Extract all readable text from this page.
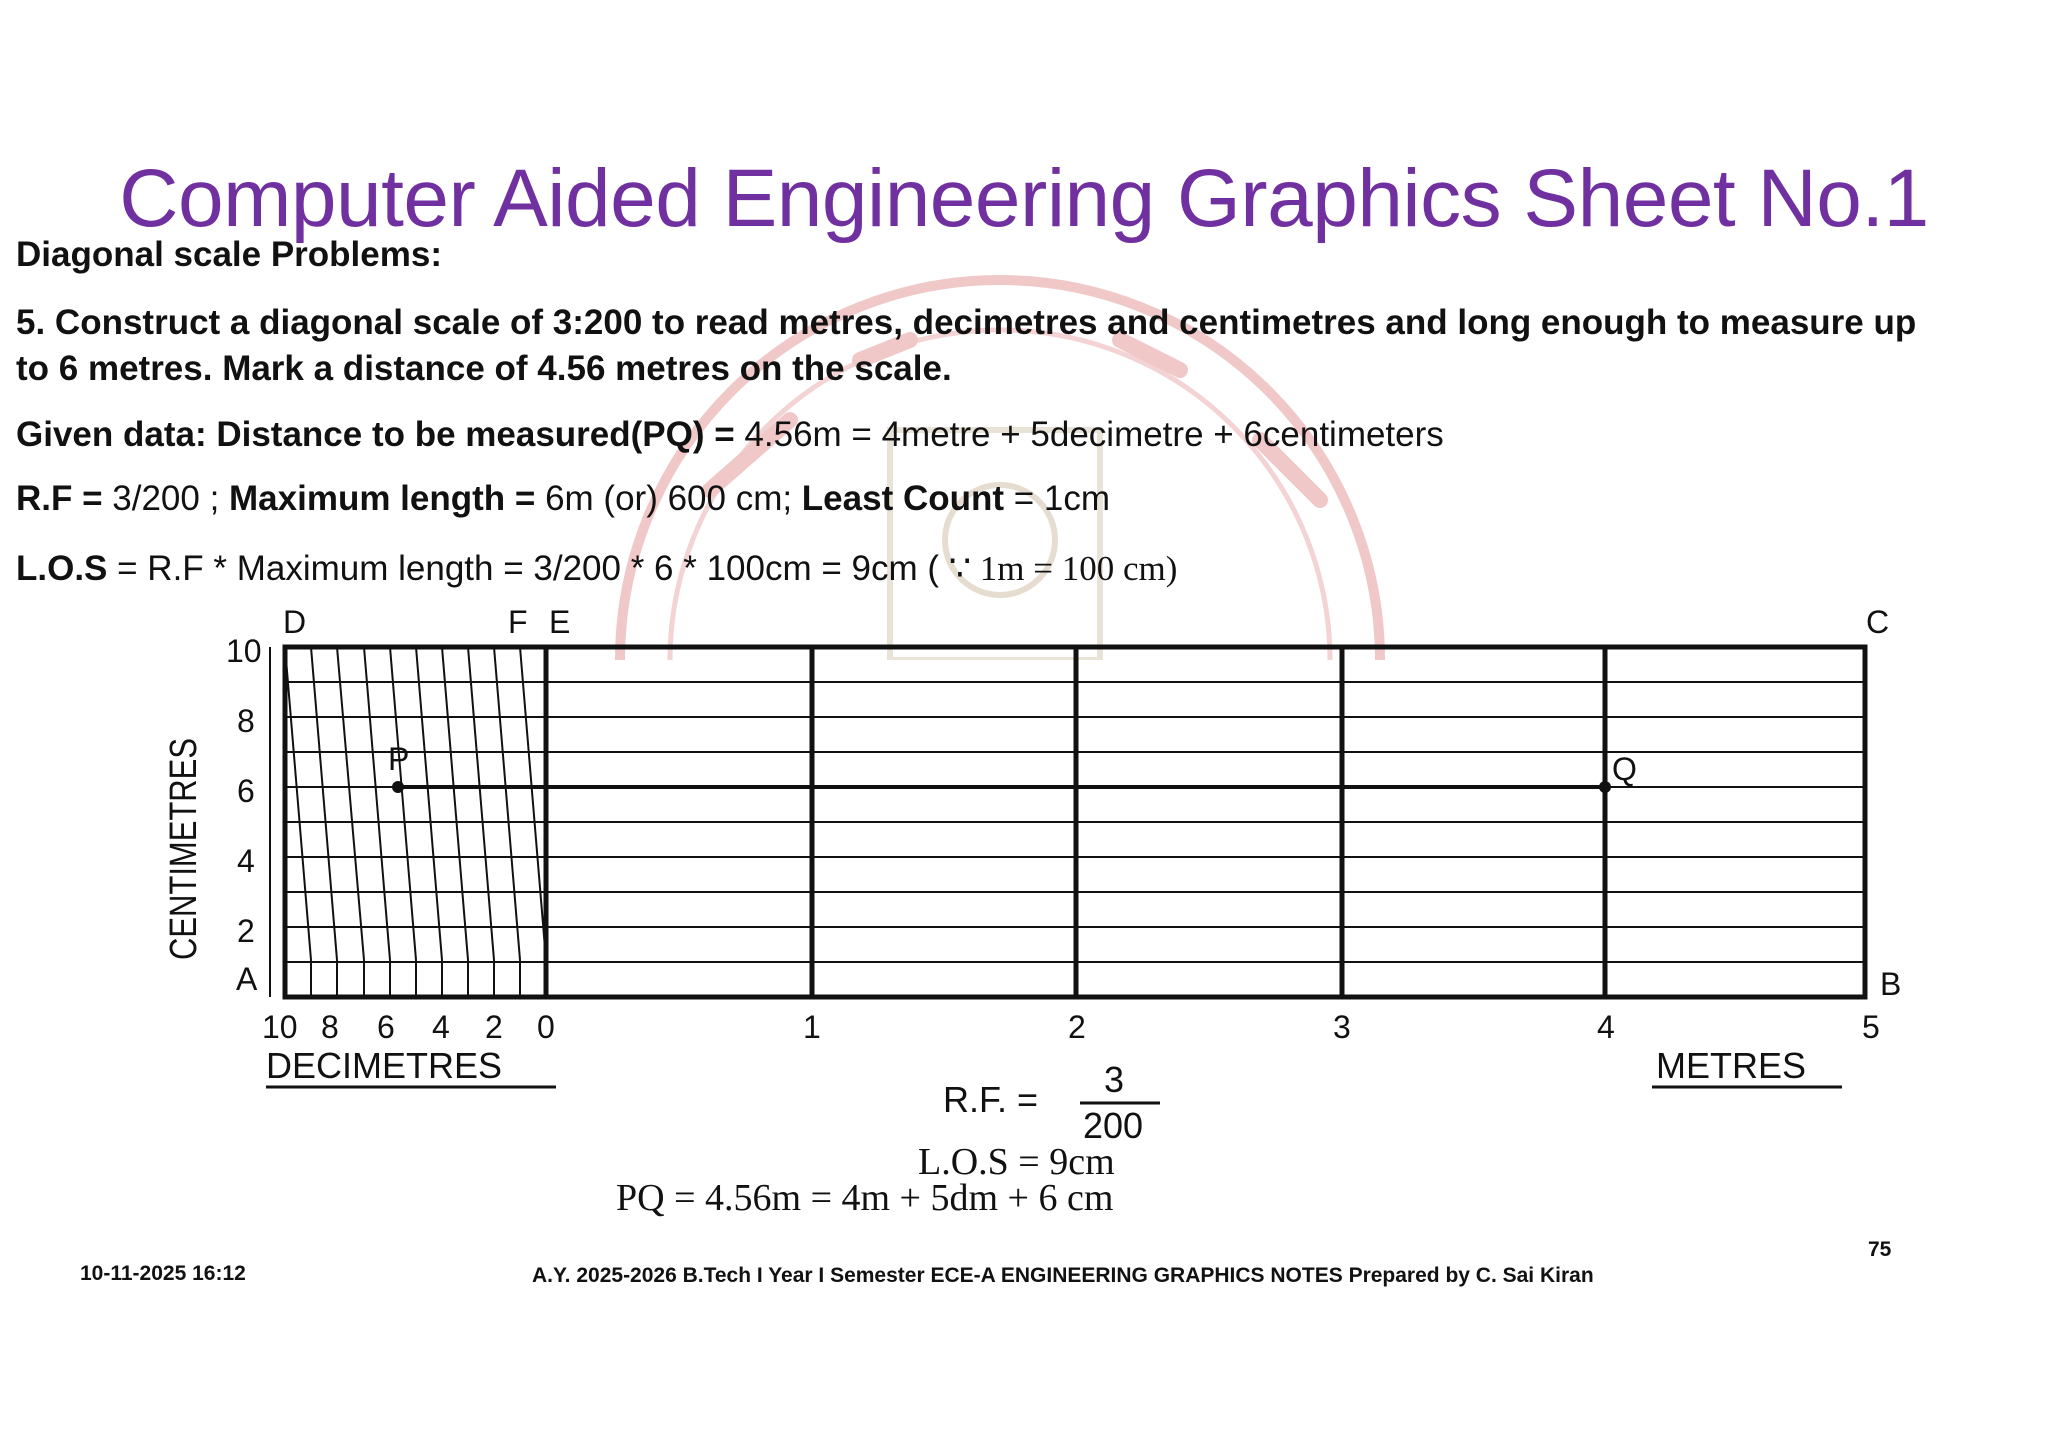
Computer Aided Engineering Graphics Sheet No.1
Diagonal scale Problems:
5. Construct a diagonal scale of 3:200 to read metres, decimetres and centimetres and long enough to measure up
to 6 metres. Mark a distance of 4.56 metres on the scale.
Given data: Distance to be measured(PQ) = 4.56m = 4metre + 5decimetre + 6centimeters
R.F = 3/200 ; Maximum length = 6m (or) 600 cm; Least Count = 1cm
L.O.S = R.F * Maximum length = 3/200 * 6 * 100cm = 9cm ( ∵ 1m = 100 cm)
D	F E	C
A	B
P	Q
10
8
6
4
2
10 8 6 4 2 0	1	2	3	4	5
DECIMETRES	METRES
CENTIMETRES
R.F. = 3
200
L.O.S = 9cm
PQ = 4.56m = 4m + 5dm + 6 cm
10-11-2025 16:12	A.Y. 2025-2026 B.Tech I Year I Semester ECE-A ENGINEERING GRAPHICS NOTES Prepared by C. Sai Kiran
75
